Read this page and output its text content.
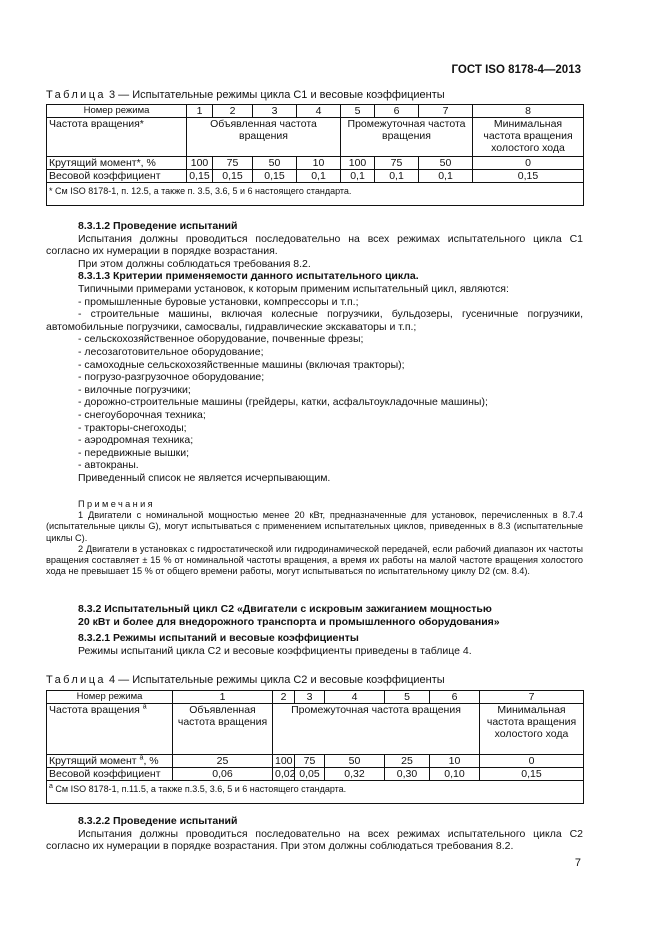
ГОСТ ISO 8178-4—2013
Таблица 3 — Испытательные режимы цикла С1 и весовые коэффициенты
Номер режима	1	2	3	4	5	6	7	8
Частота вращения*	Объявленная частота вращения				Промежуточная частота вращения			Минимальная частота вращения холостого хода
Крутящий момент*, %	100	75	50	10	100	75	50	0
Весовой коэффициент	0,15	0,15	0,15	0,1	0,1	0,1	0,1	0,15
* См ISO 8178-1, п. 12.5, а также п. 3.5, 3.6, 5 и 6 настоящего стандарта.								

8.3.1.2 Проведение испытаний

Испытания должны проводиться последовательно на всех режимах испытательного цикла С1 согласно их нумерации в порядке возрастания.

При этом должны соблюдаться требования 8.2.

8.3.1.3 Критерии применяемости данного испытательного цикла.

Типичными примерами установок, к которым применим испытательный цикл, являются:

- промышленные буровые установки, компрессоры и т.п.;

- строительные машины, включая колесные погрузчики, бульдозеры, гусеничные погрузчики, автомобильные погрузчики, самосвалы, гидравлические экскаваторы и т.п.;

- сельскохозяйственное оборудование, почвенные фрезы;

- лесозаготовительное оборудование;

- самоходные сельскохозяйственные машины (включая тракторы);

- погрузо-разгрузочное оборудование;

- вилочные погрузчики;

- дорожно-строительные машины (грейдеры, катки, асфальтоукладочные машины);

- снегоуборочная техника;

- тракторы-снегоходы;

- аэродромная техника;

- передвижные вышки;

- автокраны.

Приведенный список не является исчерпывающим.

Примечания

1 Двигатели с номинальной мощностью менее 20 кВт, предназначенные для установок, перечисленных в 8.7.4 (испытательные циклы G), могут испытываться с применением испытательных циклов, приведенных в 8.3 (испытательные циклы С).

2 Двигатели в установках с гидростатической или гидродинамической передачей, если рабочий диапазон их частоты вращения составляет ± 15 % от номинальной частоты вращения, а время их работы на малой частоте вращения холостого хода не превышает 15 % от общего времени работы, могут испытываться по испытательному циклу D2 (см. 8.4).

8.3.2 Испытательный цикл С2 «Двигатели с искровым зажиганием мощностью

20 кВт и более для внедорожного транспорта и промышленного оборудования»

8.3.2.1 Режимы испытаний и весовые коэффициенты

Режимы испытаний цикла С2 и весовые коэффициенты приведены в таблице 4.

Таблица 4 — Испытательные режимы цикла С2 и весовые коэффициенты
Номер режима	1	2	3	4	5	6	7
Частота вращения $^а$	Объявленная частота вращения	Промежуточная частота вращения					Минимальная частота вращения холостого хода
Крутящий момент $^а$, %	25	100	75	50	25	10	0
Весовой коэффициент	0,06	0,02	0,05	0,32	0,30	0,10	0,15
$^а$ См ISO 8178-1, п.11.5, а также п.3.5, 3.6, 5 и 6 настоящего стандарта.							

8.3.2.2 Проведение испытаний

Испытания должны проводиться последовательно на всех режимах испытательного цикла С2 согласно их нумерации в порядке возрастания. При этом должны соблюдаться требования 8.2.

7
